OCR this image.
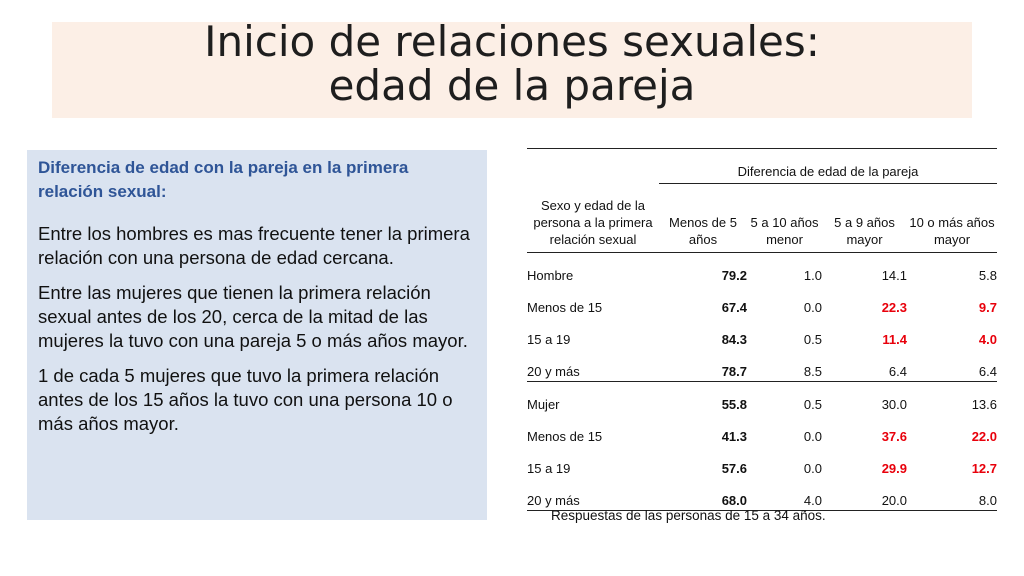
Inicio de relaciones sexuales:
edad de la pareja

Diferencia de edad con la pareja en la primera relación sexual:

Entre los hombres es mas frecuente tener la primera relación con una persona de edad cercana.

Entre las mujeres que tienen la primera relación sexual antes de los 20, cerca de la mitad de las mujeres la tuvo con una pareja 5 o más años mayor.

1 de cada 5 mujeres que tuvo la primera relación antes de los 15 años la tuvo con una persona 10 o más años mayor.

Sexo y edad de la persona a la primera relación sexual	Diferencia de edad de la pareja			
	Menos de 5 años	5 a 10 años menor	5 a 9 años mayor	10 o más años mayor
Hombre	79.2	1.0	14.1	5.8
Menos de 15	67.4	0.0	22.3	9.7
15 a 19	84.3	0.5	11.4	4.0
20 y más	78.7	8.5	6.4	6.4
Mujer	55.8	0.5	30.0	13.6
Menos de 15	41.3	0.0	37.6	22.0
15 a 19	57.6	0.0	29.9	12.7
20 y más	68.0	4.0	20.0	8.0
Respuestas de las personas de 15 a 34 años.
